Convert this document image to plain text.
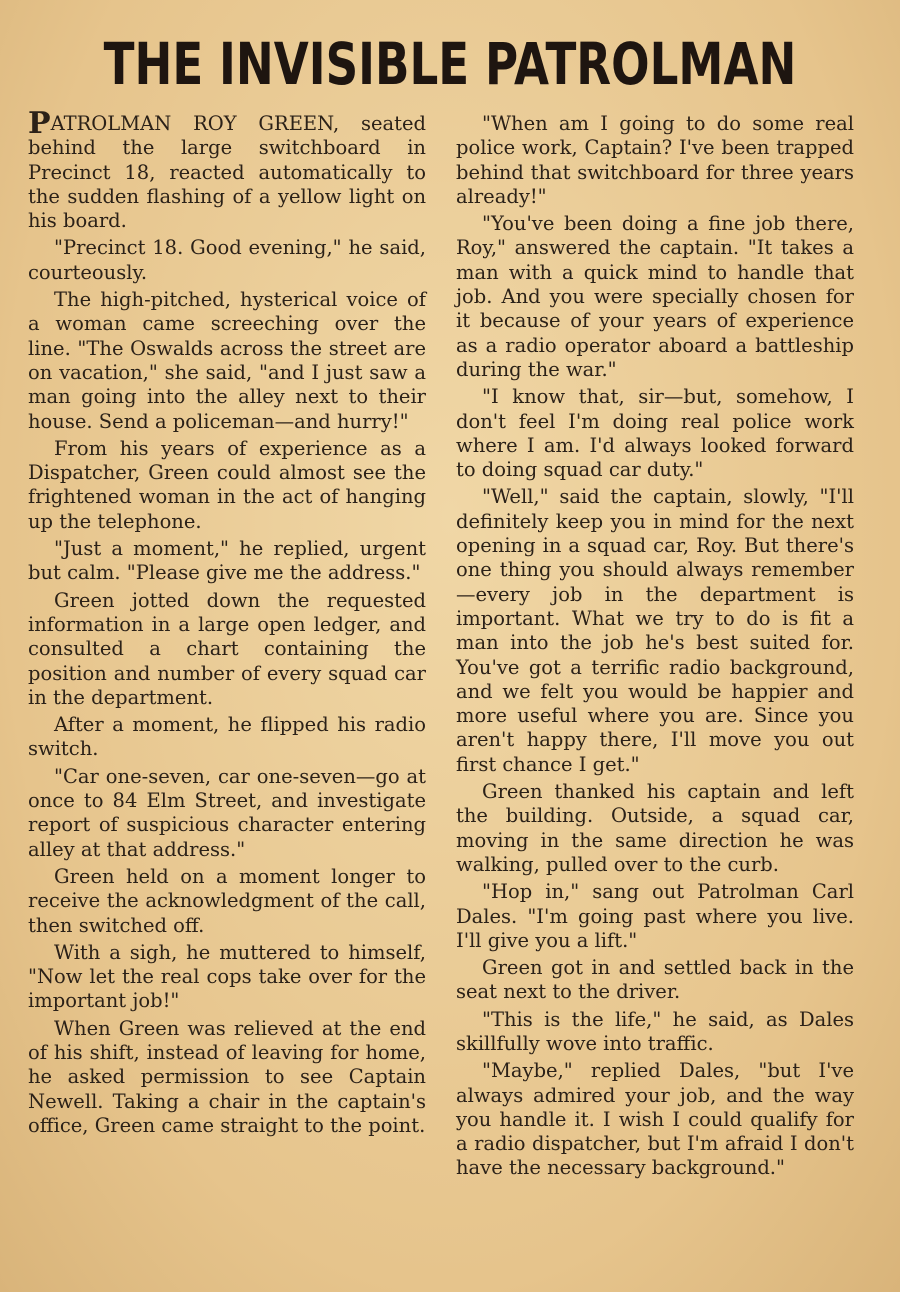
THE INVISIBLE PATROLMAN

PATROLMAN ROY GREEN, seated behind the large switchboard in Precinct 18, reacted automatically to the sudden flashing of a yellow light on his board.

"Precinct 18. Good evening," he said, courteously.

The high-pitched, hysterical voice of a woman came screeching over the line. "The Oswalds across the street are on vacation," she said, "and I just saw a man going into the alley next to their house. Send a policeman—and hurry!"

From his years of experience as a Dispatcher, Green could almost see the frightened woman in the act of hanging up the telephone.

"Just a moment," he replied, urgent but calm. "Please give me the address."

Green jotted down the requested information in a large open ledger, and consulted a chart containing the position and number of every squad car in the department.

After a moment, he flipped his radio switch.

"Car one-seven, car one-seven—go at once to 84 Elm Street, and investigate report of suspicious character entering alley at that address."

Green held on a moment longer to receive the acknowledgment of the call, then switched off.

With a sigh, he muttered to himself, "Now let the real cops take over for the important job!"

When Green was relieved at the end of his shift, instead of leaving for home, he asked permission to see Captain Newell. Taking a chair in the captain's office, Green came straight to the point.

"When am I going to do some real police work, Captain? I've been trapped behind that switchboard for three years already!"

"You've been doing a fine job there, Roy," answered the captain. "It takes a man with a quick mind to handle that job. And you were specially chosen for it because of your years of experience as a radio operator aboard a battleship during the war."

"I know that, sir—but, somehow, I don't feel I'm doing real police work where I am. I'd always looked forward to doing squad car duty."

"Well," said the captain, slowly, "I'll definitely keep you in mind for the next opening in a squad car, Roy. But there's one thing you should always remember—every job in the department is important. What we try to do is fit a man into the job he's best suited for. You've got a terrific radio background, and we felt you would be happier and more useful where you are. Since you aren't happy there, I'll move you out first chance I get."

Green thanked his captain and left the building. Outside, a squad car, moving in the same direction he was walking, pulled over to the curb.

"Hop in," sang out Patrolman Carl Dales. "I'm going past where you live. I'll give you a lift."

Green got in and settled back in the seat next to the driver.

"This is the life," he said, as Dales skillfully wove into traffic.

"Maybe," replied Dales, "but I've always admired your job, and the way you handle it. I wish I could qualify for a radio dispatcher, but I'm afraid I don't have the necessary background."
